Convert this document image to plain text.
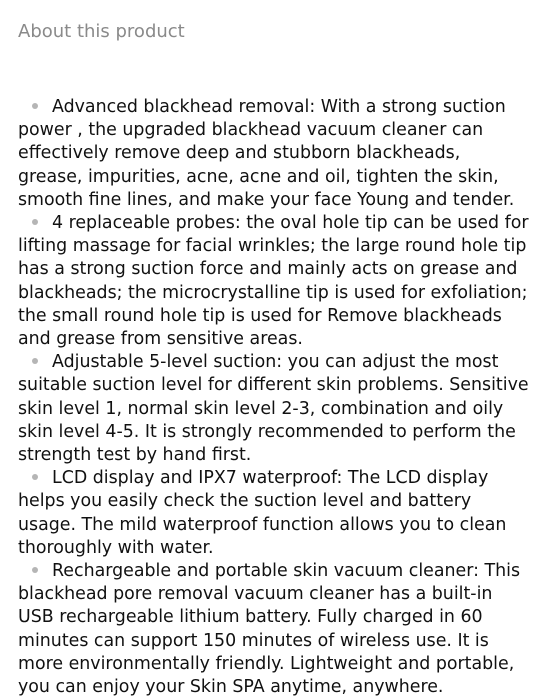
About this product
Advanced blackhead removal: With a strong suction power , the upgraded blackhead vacuum cleaner can effectively remove deep and stubborn blackheads, grease, impurities, acne, acne and oil, tighten the skin, smooth fine lines, and make your face Young and tender.
4 replaceable probes: the oval hole tip can be used for lifting massage for facial wrinkles; the large round hole tip has a strong suction force and mainly acts on grease and blackheads; the microcrystalline tip is used for exfoliation; the small round hole tip is used for Remove blackheads and grease from sensitive areas.
Adjustable 5-level suction: you can adjust the most suitable suction level for different skin problems. Sensitive skin level 1, normal skin level 2-3, combination and oily skin level 4-5. It is strongly recommended to perform the strength test by hand first.
LCD display and IPX7 waterproof: The LCD display helps you easily check the suction level and battery usage. The mild waterproof function allows you to clean thoroughly with water.
Rechargeable and portable skin vacuum cleaner: This blackhead pore removal vacuum cleaner has a built-in USB rechargeable lithium battery. Fully charged in 60 minutes can support 150 minutes of wireless use. It is more environmentally friendly. Lightweight and portable, you can enjoy your Skin SPA anytime, anywhere.
